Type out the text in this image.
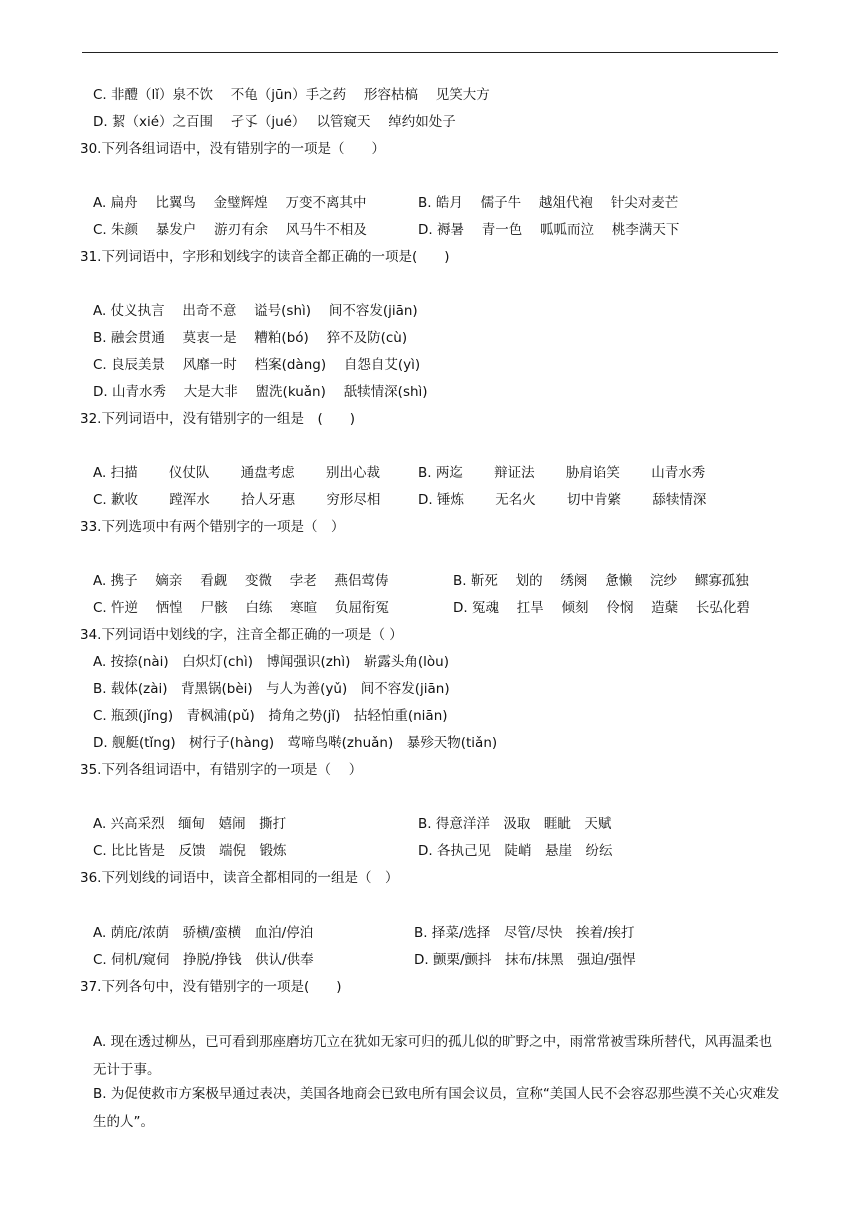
C. 非醴（lǐ）泉不饮　 不龟（jūn）手之药　 形容枯槁　 见笑大方
D. 絜（xié）之百围　 孑孓（jué）　 以管窥天　 绰约如处子
30.下列各组词语中，没有错别字的一项是（　　）
A. 扁舟　 比翼鸟　 金璧辉煌　 万变不离其中	B. 皓月　 儒子牛　 越俎代袍　 针尖对麦芒
C. 朱颜　 暴发户　 游刃有余　 风马牛不相及	D. 褥暑　 青一色　 呱呱而泣　 桃李满天下
31.下列词语中，字形和划线字的读音全都正确的一项是(　　)
A. 仗义执言　 出奇不意　 谥号(shì)　 间不容发(jiān)
B. 融会贯通　 莫衷一是　 糟粕(bó)　 猝不及防(cù)
C. 良辰美景　 风靡一时　 档案(dàng)　 自怨自艾(yì)
D. 山青水秀　 大是大非　 盥洗(kuǎn)　 舐犊情深(shì)
32.下列词语中，没有错别字的一组是　(　　)
A. 扫描　　 仪仗队　　 通盘考虑　　 别出心裁	B. 两迄　　 辩证法　　 胁肩谄笑　　 山青水秀
C. 歉收　　 蹚浑水　　 拾人牙惠　　 穷形尽相	D. 锤炼　　 无名火　　 切中肯綮　　 舔犊情深
33.下列选项中有两个错别字的一项是（　）
A. 携子　 嫡亲　 看觑　 变微　 孛老　 燕侣莺俦	B. 靳死　 划的　 绣阕　 惫懒　 浣纱　 鳏寡孤独
C. 忤逆　 恓惶　 尸骸　 白练　 寒暄　 负屈衔冤	D. 冤魂　 扛旱　 倾刻　 伶悯　 造蘖　 长弘化碧
34.下列词语中划线的字，注音全都正确的一项是（ ）
A. 按捺(nài)　白炽灯(chì)　博闻强识(zhì)　崭露头角(lòu)
B. 载体(zài)　背黑锅(bèi)　与人为善(yǔ)　间不容发(jiān)
C. 瓶颈(jǐng)　青枫浦(pǔ)　掎角之势(jǐ)　拈轻怕重(niān)
D. 舰艇(tǐng)　树行子(hàng)　莺啼鸟啭(zhuǎn)　暴殄天物(tiǎn)
35.下列各组词语中，有错别字的一项是（　 ）
A. 兴高采烈　缅甸　嬉闹　撕打	B. 得意洋洋　汲取　睚眦　天赋
C. 比比皆是　反馈　端倪　锻炼	D. 各执己见　陡峭　悬崖　纷纭
36.下列划线的词语中，读音全都相同的一组是（　）
A. 荫庇/浓荫　骄横/蛮横　血泊/停泊	B. 择菜/选择　尽管/尽快　挨着/挨打
C. 伺机/窥伺　挣脱/挣钱　供认/供奉	D. 颤栗/颤抖　抹布/抹黑　强迫/强悍
37.下列各句中，没有错别字的一项是(　　)
A. 现在透过柳丛，已可看到那座磨坊兀立在犹如无家可归的孤儿似的旷野之中，雨常常被雪珠所替代，风再温柔也无计于事。
B. 为促使救市方案极早通过表决，美国各地商会已致电所有国会议员，宣称“美国人民不会容忍那些漠不关心灾难发生的人”。
